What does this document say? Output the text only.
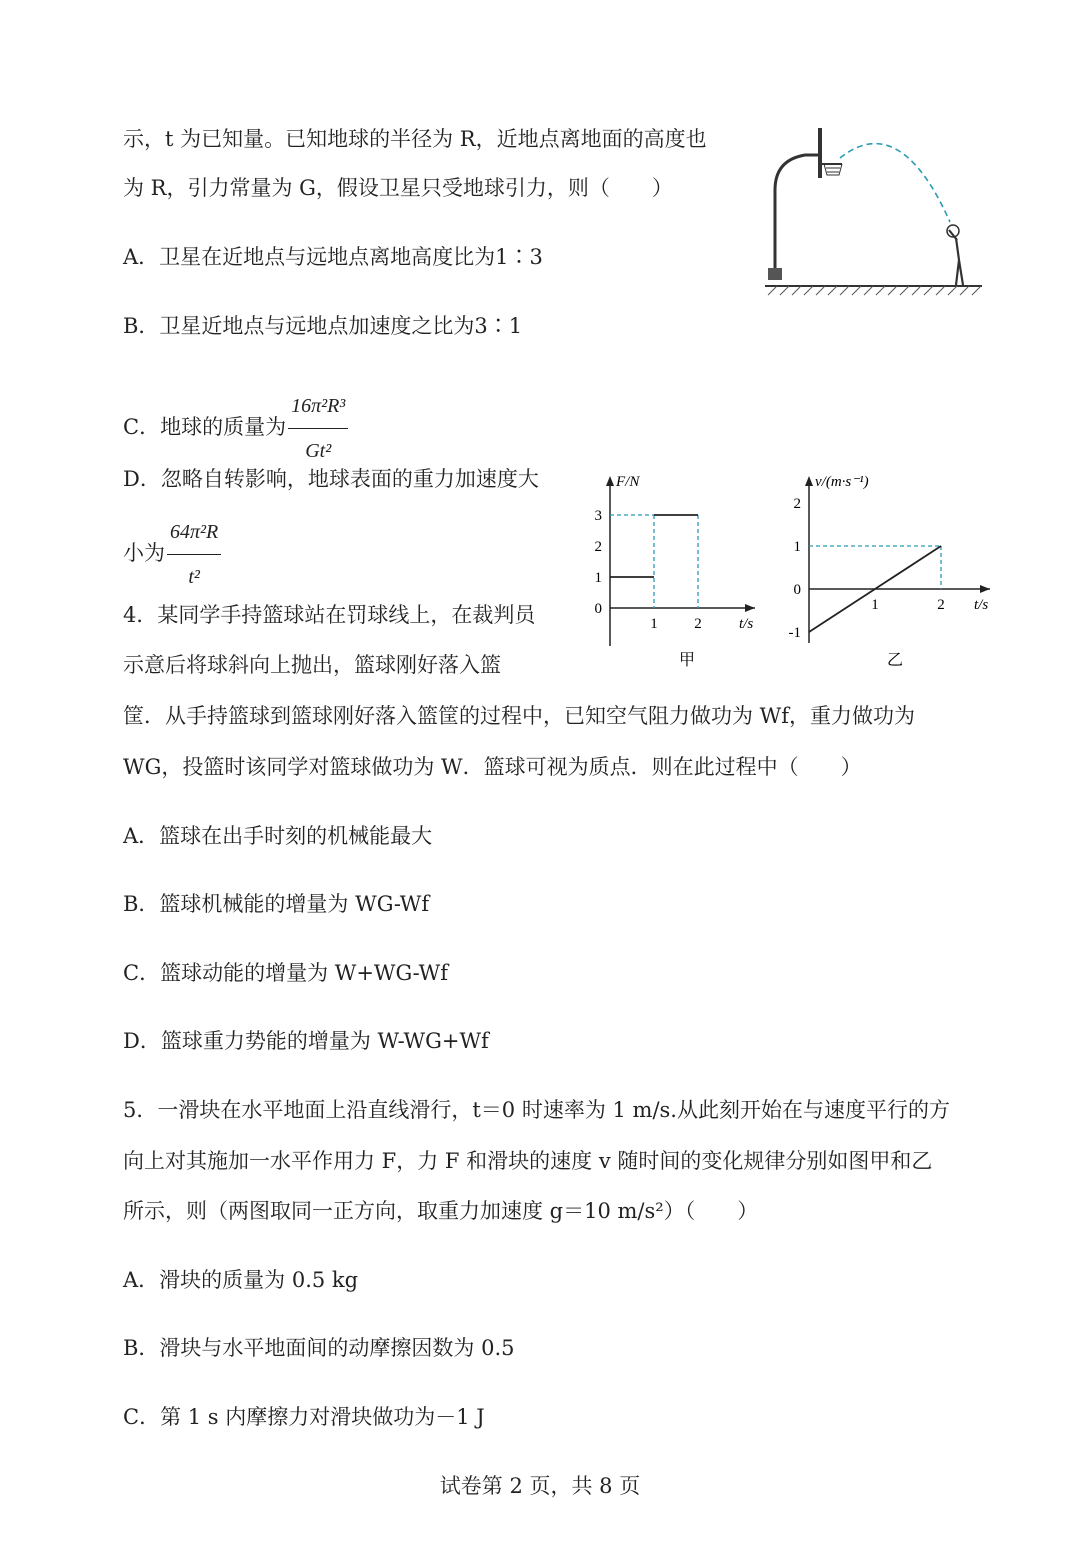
示，t 为已知量。已知地球的半径为 R，近地点离地面的高度也
为 R，引力常量为 G，假设卫星只受地球引力，则（　　）
A．卫星在近地点与远地点离地高度比为1∶3
B．卫星近地点与远地点加速度之比为3∶1
C．地球的质量为 $\frac{\text{16π²R³}}{\text{Gt²}}$
D．忽略自转影响，地球表面的重力加速度大
小为 $\frac{\text{64π²R}}{\text{t²}}$
F/N
t/s
0
1
2
3
1 2
甲
v/(m·s⁻¹)
t/s
-1
0
1
2
1	2
乙
4．某同学手持篮球站在罚球线上，在裁判员
示意后将球斜向上抛出，篮球刚好落入篮
筐．从手持篮球到篮球刚好落入篮筐的过程中，已知空气阻力做功为 Wf，重力做功为
WG，投篮时该同学对篮球做功为 W．篮球可视为质点．则在此过程中（　　）
A．篮球在出手时刻的机械能最大
B．篮球机械能的增量为 WG-Wf
C．篮球动能的增量为 W+WG-Wf
D．篮球重力势能的增量为 W-WG+Wf
5．一滑块在水平地面上沿直线滑行，t＝0 时速率为 1 m/s.从此刻开始在与速度平行的方
向上对其施加一水平作用力 F，力 F 和滑块的速度 v 随时间的变化规律分别如图甲和乙
所示，则（两图取同一正方向，取重力加速度 g＝10 m/s²）（　　）
A．滑块的质量为 0.5 kg
B．滑块与水平地面间的动摩擦因数为 0.5
C．第 1 s 内摩擦力对滑块做功为－1 J
试卷第 2 页，共 8 页
